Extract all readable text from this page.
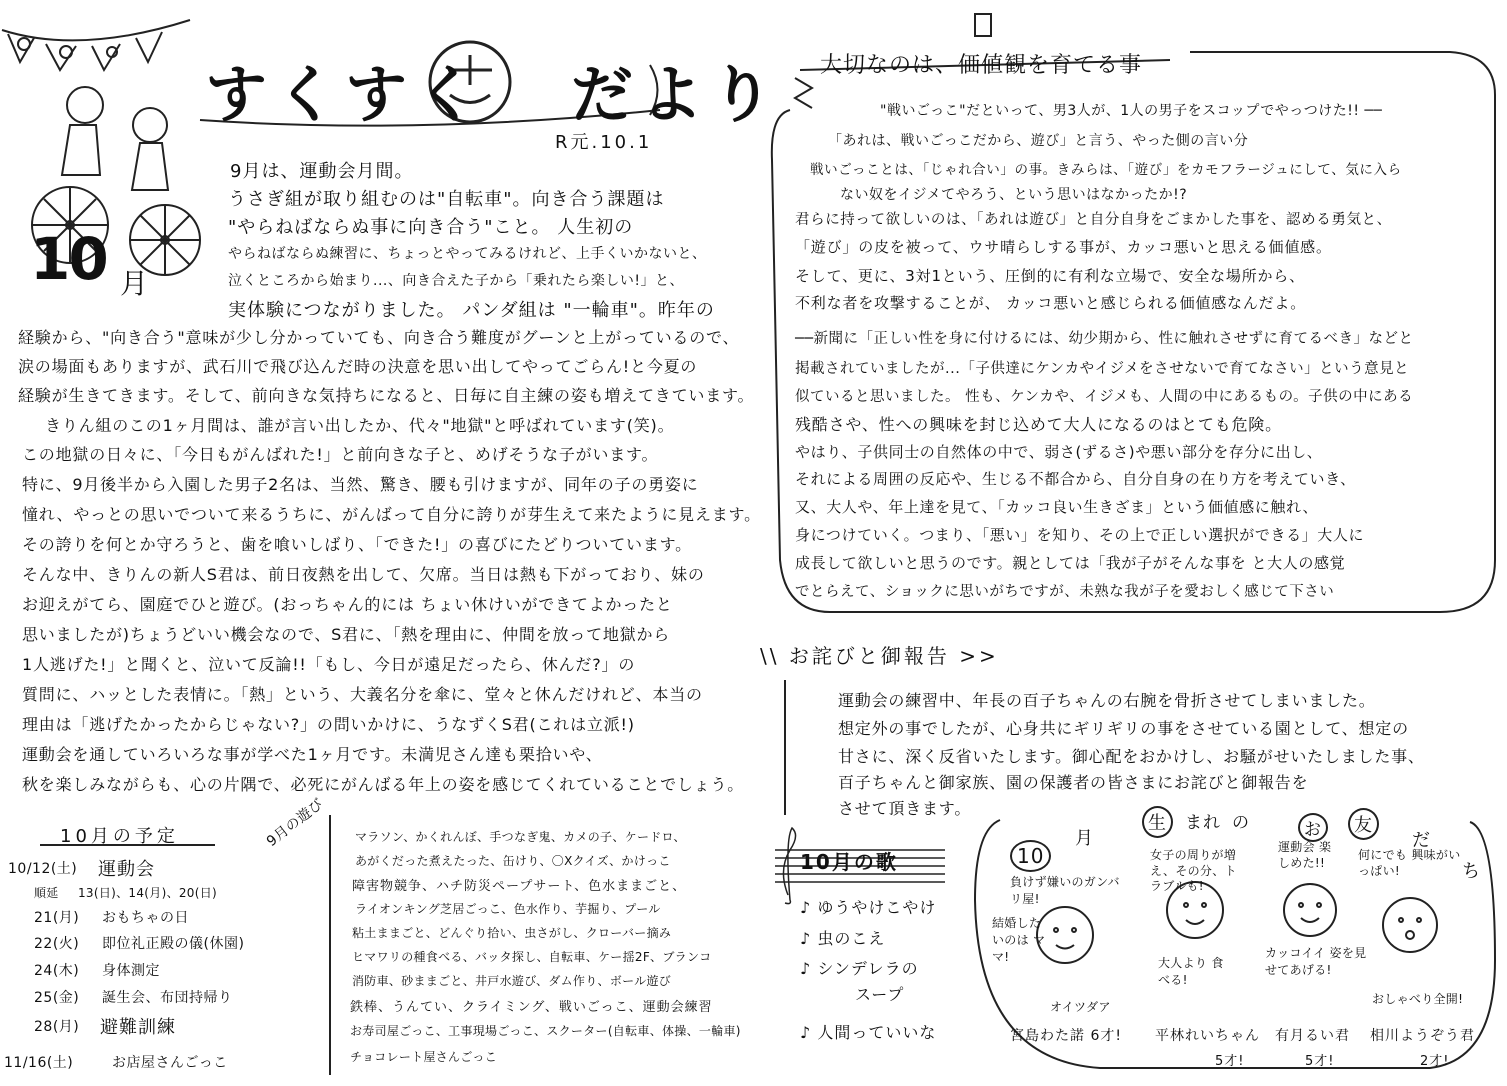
すくすく だより
R元.10.1
10 月
9月は、運動会月間。
うさぎ組が取り組むのは"自転車"。向き合う課題は
"やらねばならぬ事に向き合う"こと。 人生初の
やらねばならぬ練習に、ちょっとやってみるけれど、上手くいかないと、
泣くところから始まり...、向き合えた子から「乗れたら楽しい!」と、
実体験につながりました。 パンダ組は "一輪車"。昨年の
経験から、"向き合う"意味が少し分かっていても、向き合う難度がグーンと上がっているので、
涙の場面もありますが、武石川で飛び込んだ時の決意を思い出してやってごらん!と今夏の
経験が生きてきます。そして、前向きな気持ちになると、日毎に自主練の姿も増えてきています。
きりん組のこの1ヶ月間は、誰が言い出したか、代々"地獄"と呼ばれています(笑)。
この地獄の日々に、「今日もがんばれた!」と前向きな子と、めげそうな子がいます。
特に、9月後半から入園した男子2名は、当然、驚き、腰も引けますが、同年の子の勇姿に
憧れ、やっとの思いでついて来るうちに、がんばって自分に誇りが芽生えて来たように見えます。
その誇りを何とか守ろうと、歯を喰いしばり、「できた!」の喜びにたどりついています。
そんな中、きりんの新人S君は、前日夜熱を出して、欠席。当日は熱も下がっており、妹の
お迎えがてら、園庭でひと遊び。(おっちゃん的には ちょい休けいができてよかったと
思いましたが)ちょうどいい機会なので、S君に、「熱を理由に、仲間を放って地獄から
1人逃げた!」と聞くと、泣いて反論!!「もし、今日が遠足だったら、休んだ?」の
質問に、ハッとした表情に。「熱」という、大義名分を傘に、堂々と休んだけれど、本当の
理由は「逃げたかったからじゃない?」の問いかけに、うなずくS君(これは立派!)
運動会を通していろいろな事が学べた1ヶ月です。未満児さん達も栗拾いや、
秋を楽しみながらも、心の片隅で、必死にがんばる年上の姿を感じてくれていることでしょう。
10月の予定
10/12(土) 運動会
順延 13(日)、14(月)、20(日)
21(月) おもちゃの日
22(火) 即位礼正殿の儀(休園)
24(木) 身体測定
25(金) 誕生会、布団持帰り
28(月) 避難訓練
11/16(土)	お店屋さんごっこ
9月の遊び マラソン、かくれんぼ、手つなぎ鬼、カメの子、ケードロ、
あがくだった煮えたった、缶けり、〇Xクイズ、かけっこ
障害物競争、ハチ防災ペープサート、色水ままごと、
ライオンキング芝居ごっこ、色水作り、芋掘り、プール
粘土ままごと、どんぐり拾い、虫さがし、クローバー摘み
ヒマワリの種食べる、バッタ探し、自転車、ケー揺2F、ブランコ
消防車、砂ままごと、井戸水遊び、ダム作り、ボール遊び
鉄棒、うんてい、クライミング、戦いごっこ、運動会練習
お寿司屋ごっこ、工事現場ごっこ、スクーター(自転車、体操、一輪車)
チョコレート屋さんごっこ
大切なのは、価値観を育てる事
"戦いごっこ"だといって、男3人が、1人の男子をスコップでやっつけた!! ──
「あれは、戦いごっこだから、遊び」と言う、やった側の言い分
戦いごっことは、「じゃれ合い」の事。きみらは、「遊び」をカモフラージュにして、気に入ら
ない奴をイジメてやろう、という思いはなかったか!?
君らに持って欲しいのは、「あれは遊び」と自分自身をごまかした事を、認める勇気と、
「遊び」の皮を被って、ウサ晴らしする事が、カッコ悪いと思える価値感。
そして、更に、3対1という、圧倒的に有利な立場で、安全な場所から、
不利な者を攻撃することが、 カッコ悪いと感じられる価値感なんだよ。
──新聞に「正しい性を身に付けるには、幼少期から、性に触れさせずに育てるべき」などと
掲載されていましたが...「子供達にケンカやイジメをさせないで育てなさい」という意見と
似ていると思いました。 性も、ケンカや、イジメも、人間の中にあるもの。子供の中にある
残酷さや、性への興味を封じ込めて大人になるのはとても危険。
やはり、子供同士の自然体の中で、弱さ(ずるさ)や悪い部分を存分に出し、
それによる周囲の反応や、生じる不都合から、自分自身の在り方を考えていき、
又、大人や、年上達を見て、「カッコ良い生きざま」という価値感に触れ、
身につけていく。つまり、「悪い」を知り、その上で正しい選択ができる」大人に
成長して欲しいと思うのです。親としては「我が子がそんな事を と大人の感覚
でとらえて、ショックに思いがちですが、未熟な我が子を愛おしく感じて下さい
\\ お詫びと御報告 >>
運動会の練習中、年長の百子ちゃんの右腕を骨折させてしまいました。
想定外の事でしたが、心身共にギリギリの事をさせている園として、想定の
甘さに、深く反省いたします。御心配をおかけし、お騒がせいたしました事、
百子ちゃんと御家族、園の保護者の皆さまにお詫びと御報告を
させて頂きます。
10月の歌
♪ ゆうやけこやけ
♪ 虫のこえ
♪ シンデレラの
スープ
♪ 人間っていいな
10
月
生	まれ の	お	友
だ
ち
負けず嫌いのガンバリ屋!
結婚したいのは ママ!
オイツダア
宮島わた諾 6才!
女子の周りが増え、その分、トラブルも!
大人より 食べる!
平林れいちゃん
5才!
運動会 楽しめた!!
カッコイイ 姿を見せてあげる!
有月るい君
5才!
何にでも 興味がいっぱい!
おしゃべり全開!
相川ようぞう君
2才!
